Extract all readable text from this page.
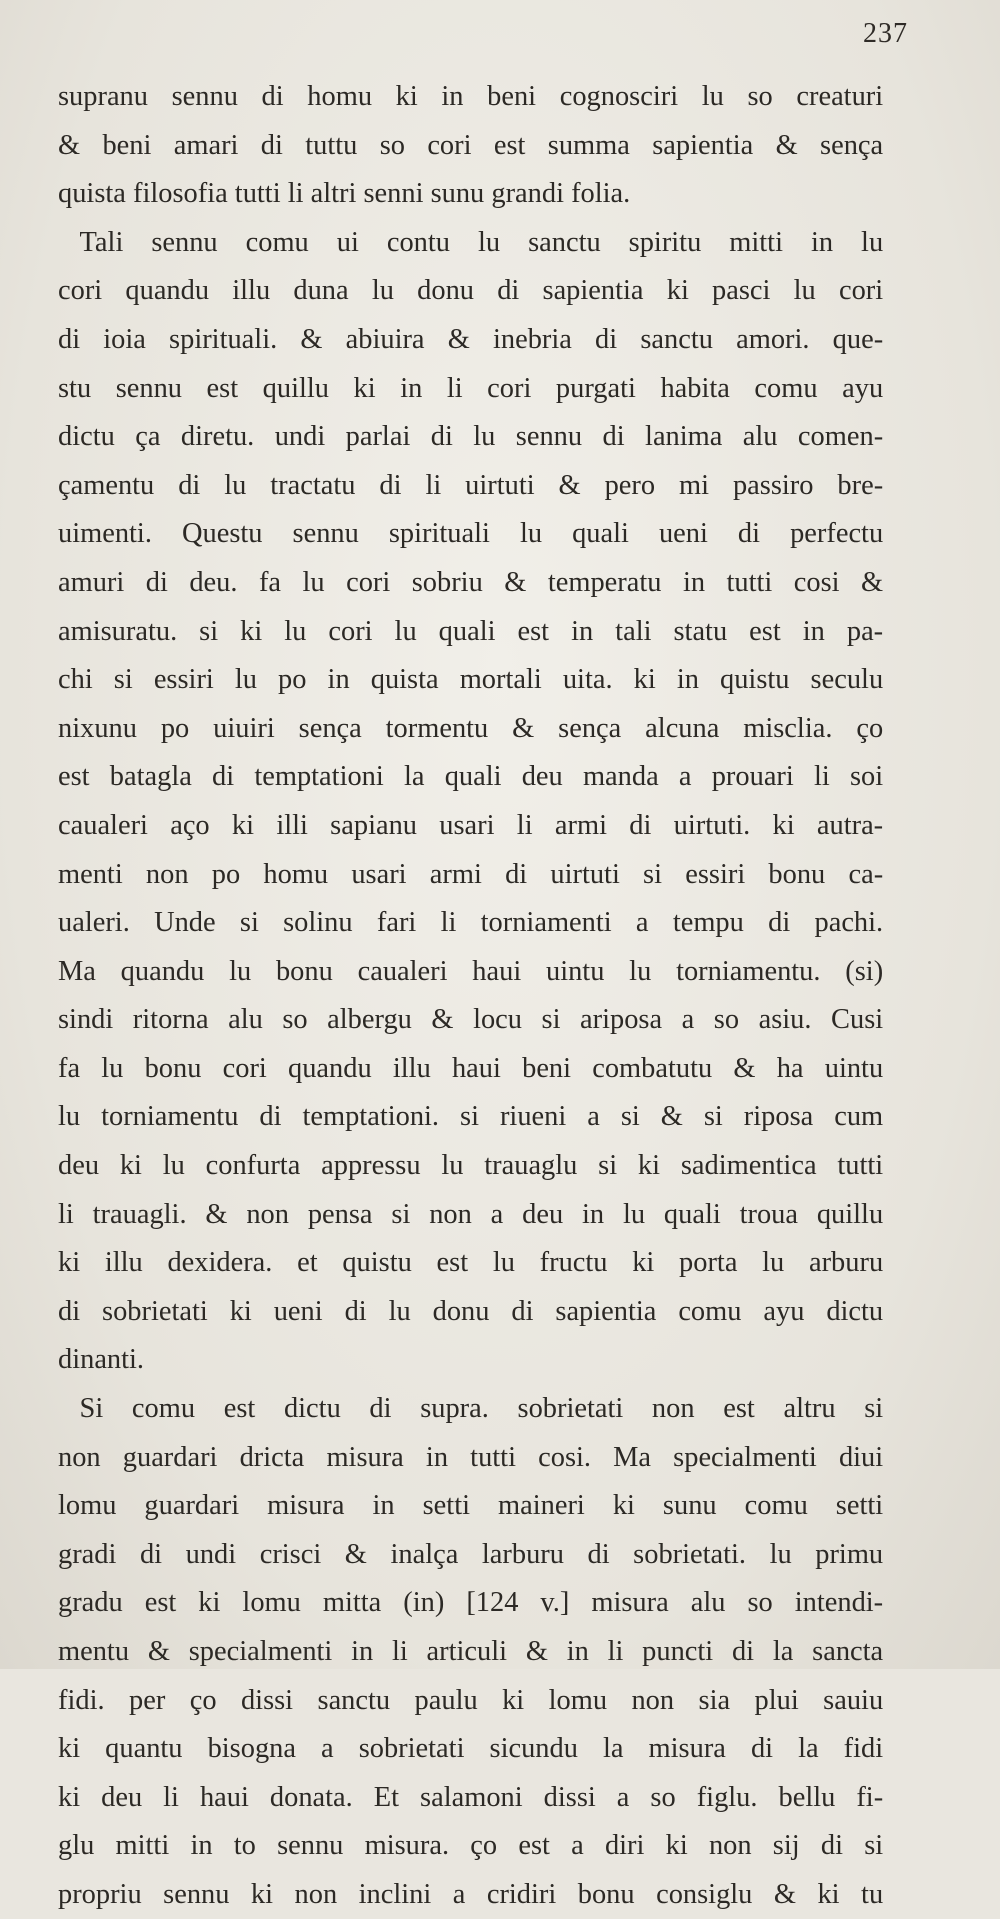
237
supranu sennu di homu ki in beni cognosciri lu so creaturi
& beni amari di tuttu so cori est summa sapientia & sença
quista filosofia tutti li altri senni sunu grandi folia.
Tali sennu comu ui contu lu sanctu spiritu mitti in lu
cori quandu illu duna lu donu di sapientia ki pasci lu cori
di ioia spirituali. & abiuira & inebria di sanctu amori. que-
stu sennu est quillu ki in li cori purgati habita comu ayu
dictu ça diretu. undi parlai di lu sennu di lanima alu comen-
çamentu di lu tractatu di li uirtuti & pero mi passiro bre-
uimenti. Questu sennu spirituali lu quali ueni di perfectu
amuri di deu. fa lu cori sobriu & temperatu in tutti cosi &
amisuratu. si ki lu cori lu quali est in tali statu est in pa-
chi si essiri lu po in quista mortali uita. ki in quistu seculu
nixunu po uiuiri sença tormentu & sença alcuna misclia. ço
est batagla di temptationi la quali deu manda a prouari li soi
caualeri aço ki illi sapianu usari li armi di uirtuti. ki autra-
menti non po homu usari armi di uirtuti si essiri bonu ca-
ualeri. Unde si solinu fari li torniamenti a tempu di pachi.
Ma quandu lu bonu caualeri haui uintu lu torniamentu. (si)
sindi ritorna alu so albergu & locu si ariposa a so asiu. Cusi
fa lu bonu cori quandu illu haui beni combatutu & ha uintu
lu torniamentu di temptationi. si riueni a si & si riposa cum
deu ki lu confurta appressu lu trauaglu si ki sadimentica tutti
li trauagli. & non pensa si non a deu in lu quali troua quillu
ki illu dexidera. et quistu est lu fructu ki porta lu arburu
di sobrietati ki ueni di lu donu di sapientia comu ayu dictu
dinanti.
Si comu est dictu di supra. sobrietati non est altru si
non guardari dricta misura in tutti cosi. Ma specialmenti diui
lomu guardari misura in setti maineri ki sunu comu setti
gradi di undi crisci & inalça larburu di sobrietati. lu primu
gradu est ki lomu mitta (in) [124 v.] misura alu so intendi-
mentu & specialmenti in li articuli & in li puncti di la sancta
fidi. per ço dissi sanctu paulu ki lomu non sia plui sauiu
ki quantu bisogna a sobrietati sicundu la misura di la fidi
ki deu li haui donata. Et salamoni dissi a so figlu. bellu fi-
glu mitti in to sennu misura. ço est a diri ki non sij di si
propriu sennu ki non inclini a cridiri bonu consiglu & ki tu
